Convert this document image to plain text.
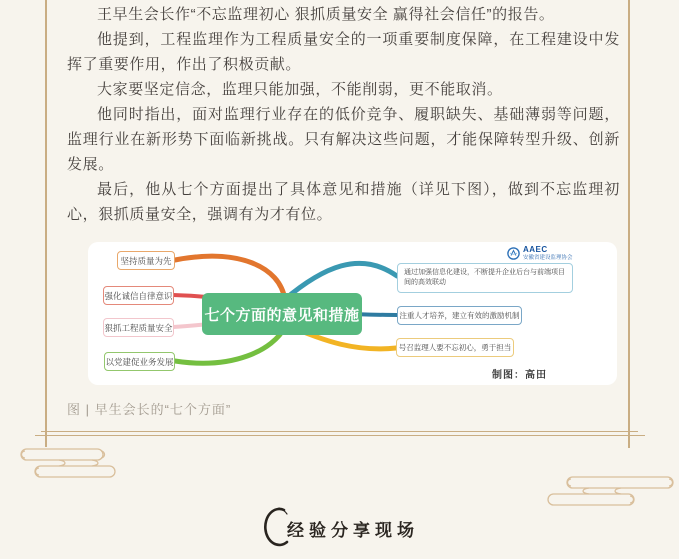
王早生会长作“不忘监理初心 狠抓质量安全 赢得社会信任”的报告。

他提到，工程监理作为工程质量安全的一项重要制度保障，在工程建设中发挥了重要作用，作出了积极贡献。

大家要坚定信念，监理只能加强，不能削弱，更不能取消。

他同时指出，面对监理行业存在的低价竞争、履职缺失、基础薄弱等问题，监理行业在新形势下面临新挑战。只有解决这些问题，才能保障转型升级、创新发展。

最后，他从七个方面提出了具体意见和措施（详见下图），做到不忘监理初心，狠抓质量安全，强调有为才有位。

坚持质量为先
强化诚信自律意识
狠抓工程质量安全
以党建促业务发展
通过加强信息化建设，不断提升企业后台与前端项目间的高效联动
注重人才培养，建立有效的激励机制
号召监理人要不忘初心，勇于担当
七个方面的意见和措施
AAEC
安徽省建设监理协会
制图：高田
图 | 早生会长的“七个方面”
经验分享现场
